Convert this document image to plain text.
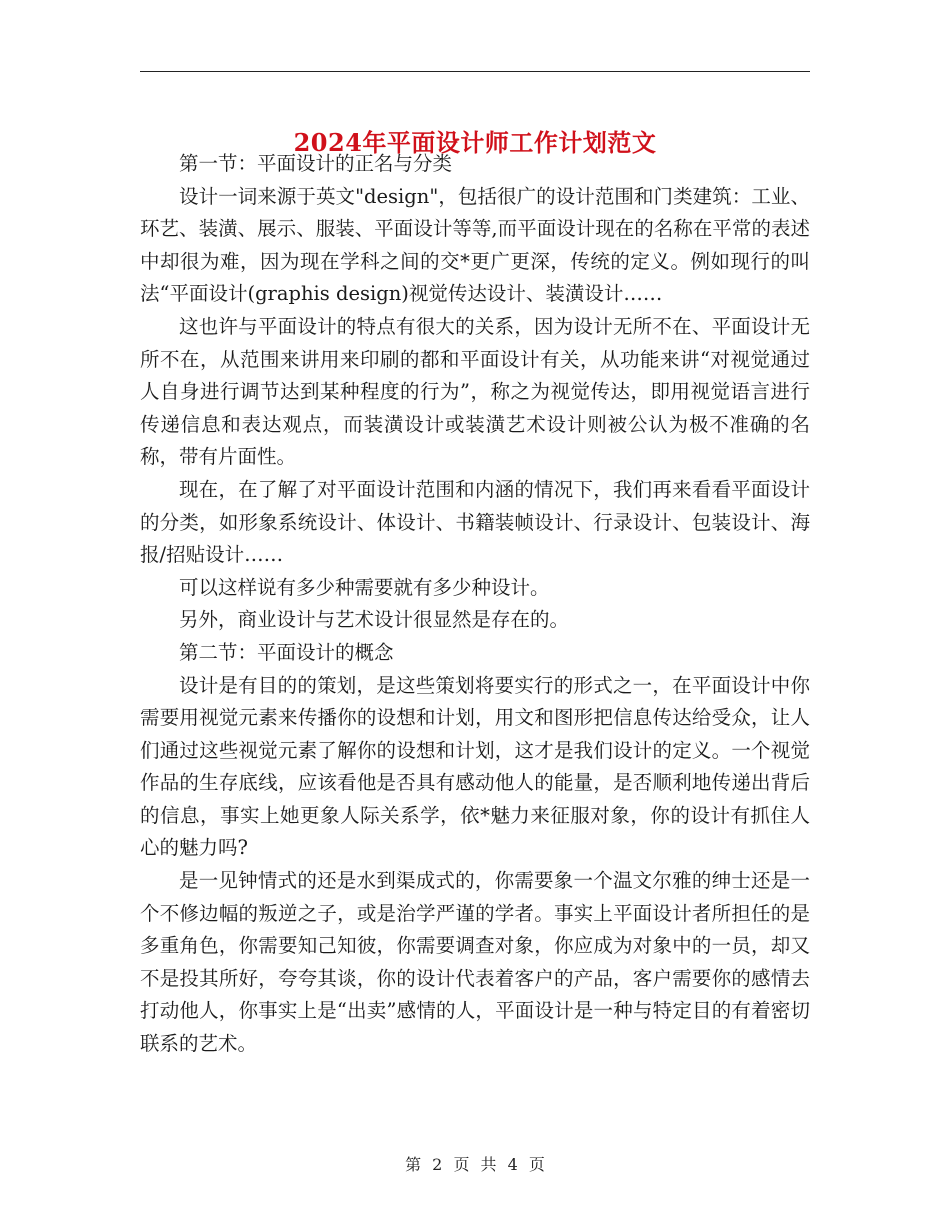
2024年平面设计师工作计划范文

第一节：平面设计的正名与分类

设计一词来源于英文"design"，包括很广的设计范围和门类建筑：工业、环艺、装潢、展示、服装、平面设计等等,而平面设计现在的名称在平常的表述中却很为难，因为现在学科之间的交*更广更深，传统的定义。例如现行的叫法“平面设计(graphis design)视觉传达设计、装潢设计……

这也许与平面设计的特点有很大的关系，因为设计无所不在、平面设计无所不在，从范围来讲用来印刷的都和平面设计有关，从功能来讲“对视觉通过人自身进行调节达到某种程度的行为”，称之为视觉传达，即用视觉语言进行传递信息和表达观点，而装潢设计或装潢艺术设计则被公认为极不准确的名称，带有片面性。

现在，在了解了对平面设计范围和内涵的情况下，我们再来看看平面设计的分类，如形象系统设计、体设计、书籍装帧设计、行录设计、包装设计、海报/招贴设计……

可以这样说有多少种需要就有多少种设计。

另外，商业设计与艺术设计很显然是存在的。

第二节：平面设计的概念

设计是有目的的策划，是这些策划将要实行的形式之一，在平面设计中你需要用视觉元素来传播你的设想和计划，用文和图形把信息传达给受众，让人们通过这些视觉元素了解你的设想和计划，这才是我们设计的定义。一个视觉作品的生存底线，应该看他是否具有感动他人的能量，是否顺利地传递出背后的信息，事实上她更象人际关系学，依*魅力来征服对象，你的设计有抓住人心的魅力吗?

是一见钟情式的还是水到渠成式的，你需要象一个温文尔雅的绅士还是一个不修边幅的叛逆之子，或是治学严谨的学者。事实上平面设计者所担任的是多重角色，你需要知己知彼，你需要调查对象，你应成为对象中的一员，却又不是投其所好，夸夸其谈，你的设计代表着客户的产品，客户需要你的感情去打动他人，你事实上是“出卖”感情的人，平面设计是一种与特定目的有着密切联系的艺术。

第 2 页 共 4 页
